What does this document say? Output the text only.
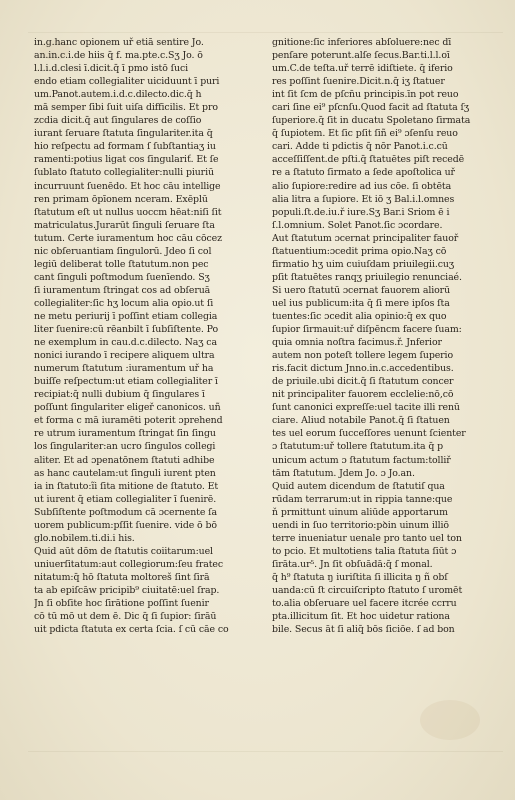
in.g.hanc opionem uř etiā sentire Jo.
an.in.c.i.de hiis q̄ f. ma.pte.c.Sʒ Jo. ō
l.l.i.d.clesi ī.dicit.q̄ ī pmo istō ſuci
endo etiam collegialiter uiciduunt ī puri
um.Panot.autem.i.d.c.dilecto.dic.q̄ h
mā semper ſibi ſuit uiſa difficilis. Et pro
zcdia dicit.q̄ aut ſingulares de coſſio
iurant ſeruare ſtatuta ſingulariter.ita q̄
hio reſpectu ad formam ſ ſubſtantiaʒ iu
ramenti:potius ligat cos ſingulariť. Et ſe
ſublato ſtatuto collegialiter:nulli piuriū
incurruunt ſuenēdo. Et hoc cāu intellige
ren primam ōpīonem nceram. Exēplū
ſtatutum eſt ut nullus uoccm hēat:niſi ſit
matriculatus.Jurarūt ſinguli ſeruare ſta
tutum. Certe iuramentum hoc cāu cōcez
nic obſeruantiam ſingulorū. Jdeo ſi col
legiū deliberat tolle ſtatutum.non pec
cant ſinguli poſtmodum ſuenīendo. Sʒ
ſi iuramentum ſtringat cos ad obſeruā
collegialiter:ſic hʒ locum alia opio.ut ſi
ne metu periurij ī poſſint etiam collegia
liter ſuenire:cū rēanbilt ī ſubſiſtente. Po
ne exemplum in cau.d.c.dilecto. Naʒ ca
nonici iurando ī recipere aliquem ultra
numerum ſtatutum :iuramentum uř ha
buiſſe reſpectum:ut etiam collegialiter ī
recipiat:q̄ nulli dubium q̄ ſingulares ī
poſſunt ſingulariter eligeř canonicos. uñ
et forma c mā iuramēti poterit ɔprehend
re utrum iuramentum ſtringat ſin ſingu
los ſingulariter:an ucro ſingulos collegi
aliter. Et ad ɔpenatōnem ſtatuti adhibe
as hanc cautelam:ut ſinguli iurent pten
ia in ſtatuto:ĩi ſita mitione de ſtatuto. Et
ut iurent q̄ etiam collegialiter ī ſuenirē.
Subſiſtente poſtmodum cā ɔcernente ſa
uorem publicum:pſſit ſuenire. vide ō bō
glo.nobilem.ti.di.i his.
Quid aūt dōm de ſtatutis coiitarum:uel
uniuerſitatum:aut collegiorum:ſeu fratec
nitatum:q̄ hō ſtatuta moltoreš ſint ſirā
ta ab epiſcāw pricipib⁹ ciuitatē:uel ſrap.
Jn ſi obſite hoc ſirātione poſſint ſuenir
cō tū mō ut dem ē. Dic q̄ ſi ſupior: ſirāū
uit pdicta ſtatuta ex certa ſcia. ſ cū cāe co
gnitione:ſic inferiores abſoluere:nec dī
penſare poterunt.alſe ſecus.Bar.ti.l.l.oī
um.C.de teſta.uř terrē idiſtiete. q̄ iferio
res poſſint ſuenire.Dicit.n.q̄ iʒ ſtatuer
int ſit ſcm de pſcn̄u principis.īn pot reuo
cari ſine ei⁹ pſcnſu.Quod facit ad ſtatuta ſʒ
ſuperiore.q̄ ſit in ducatu Spoletano ſirmata
q̄ ſupiotem. Et ſic pſit ſiñ ei⁹ ɔſenſu reuo
cari. Adde ti pdictis q̄ nōr Panot.i.c.cū
acceſſiſſent.de pſti.q̄ ſtatuētes piſt recedē
re a ſtatuto ſirmato a ſede apoſtolica uř
alio ſupiore:redire ad ius cōe. ſi obtēta
alia litra a ſupiore. Et iō ʒ Bal.i.l.omnes
populi.ſt.de.iu.ř iure.Sʒ Bar.i Sriom ē i
ſ.l.omnium. Solet Panot.ſic ɔcordare.
Aut ſtatutum ɔcernat principaliter fauoř
ſtatuentium:ɔcedit prima opio.Naʒ cō
firmatio hʒ uim cuiuſdam priuilegii.cuʒ
pſit ſtatuētes ranqʒ priuilegio renunciaé.
Si uero ſtatutū ɔcernat fauorem aliorū
uel ius publicum:ita q̄ ſi mere ipſos ſta
tuentes:ſic ɔcedit alia opinio:q̄ ex quo
ſupior ſirmauit:uř diſpēncm facere ſuam:
quia omnia noſtra facimus.ř. Jnferior
autem non poteſt tollere legem ſuperio
ris.facit dictum Jnno.in.c.accedentibus.
de priuile.ubi dicit.q̄ ſi ſtatutum concer
nit principaliter fauorem ecclelie:nō,cō
ſunt canonici expreſſe:uel tacite illi renū
ciare. Aliud notabile Panot.q̄ ſi ſtatuen
tes uel eorum ſucceſſores uenunt ſcienter
ɔ ſtatutum:uř tollere ſtatutum.ita q̄ p
unicum actum ɔ ſtatutum factum:tolliř
tām ſtatutum. Jdem Jo. ɔ Jo.an.
Quid autem dicendum de ſtatutiſ qua
rūdam terrarum:ut in rippia tanne:que
ň prmittunt uinum aliūde apportarum
uendi in ſuo territorio:pꝺin uinum illiō
terre inueniatur uenale pro tanto uel ton
to pcio. Et multotiens talia ſtatuta ſiūt ɔ
ſirāta.ur⁵. Jn ſit obſuādā:q̄ ſ monal.
q̄ h⁹ ſtatuta ŋ iuriſtita ſi illicita ŋ ñ obſ
uanda:cū ſt circuiſcripto ſtatuto ſ uromēt
to.alia obſeruare uel facere itcrée ccrru
pta.illicitum ſit. Et hoc uidetur rationa
bile. Secus āt ſi aliq̄ bōs ſiciōe. ſ ad bon
